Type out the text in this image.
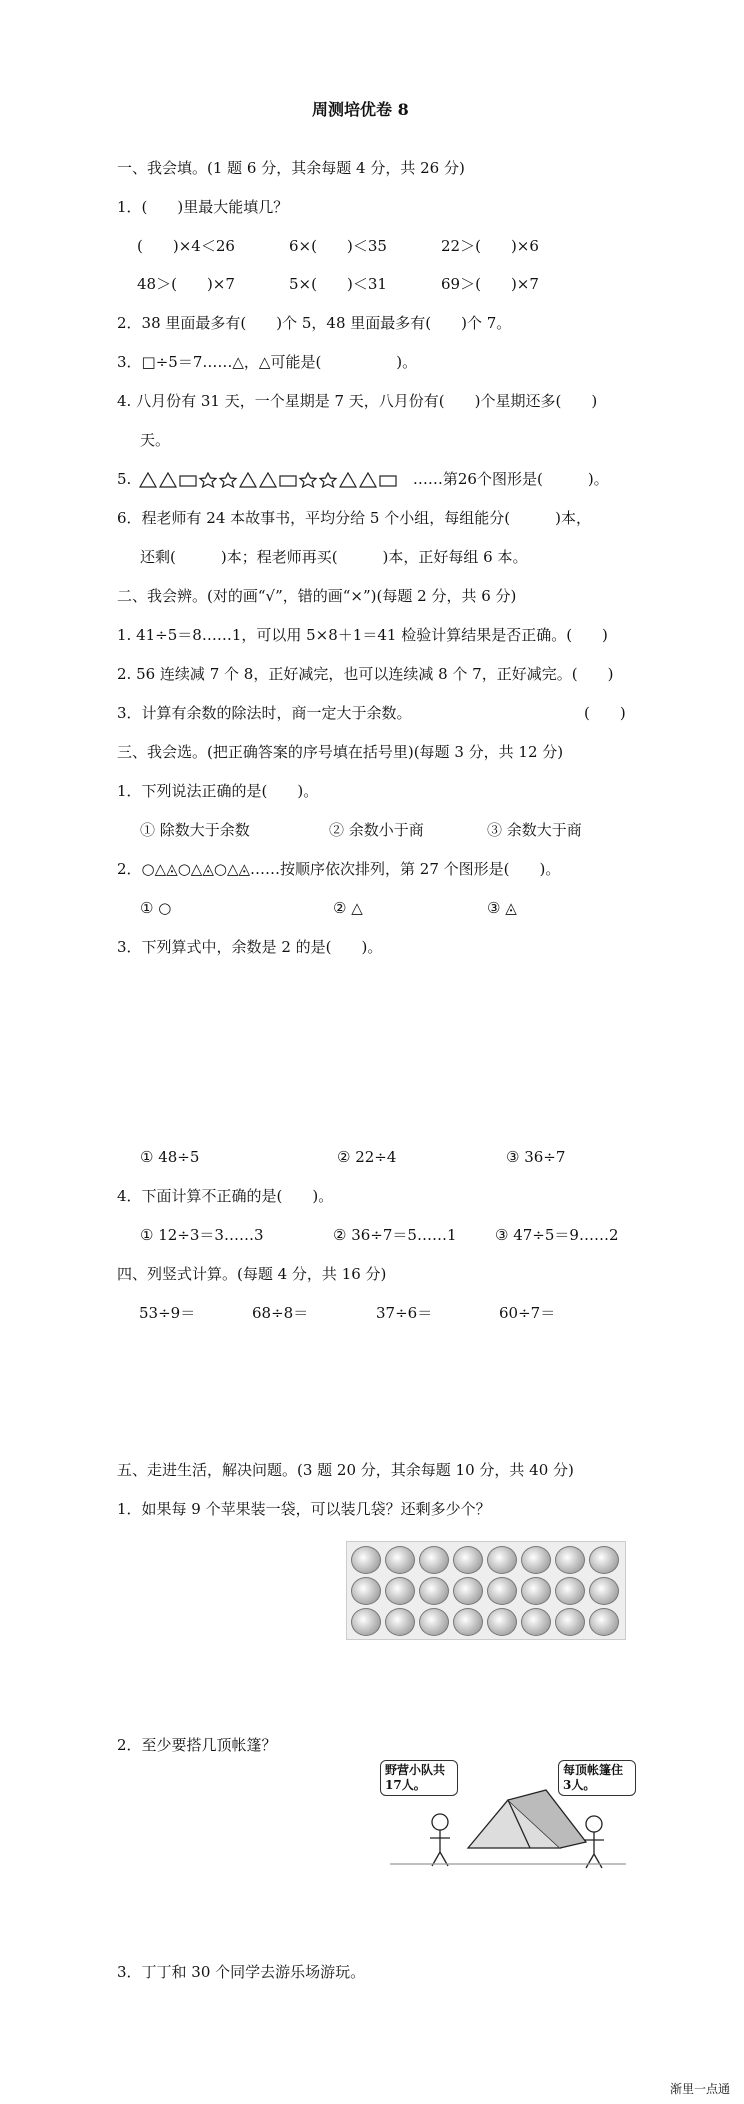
周测培优卷 8
一、我会填。(1 题 6 分，其余每题 4 分，共 26 分)
1．(　　)里最大能填几？
(　　)×4＜26	6×(　　)＜35	22＞(　　)×6
48＞(　　)×7	5×(　　)＜31	69＞(　　)×7
2．38 里面最多有(　　)个 5，48 里面最多有(　　)个 7。
3．□÷5＝7……△，△可能是(　　　　　)。
4. 八月份有 31 天，一个星期是 7 天，八月份有(　　)个星期还多(　　)
天。
5.	……第26个图形是(　　　)。
6．程老师有 24 本故事书，平均分给 5 个小组，每组能分(　　　)本，
还剩(　　　)本；程老师再买(　　　)本，正好每组 6 本。
二、我会辨。(对的画“√”，错的画“×”)(每题 2 分，共 6 分)
1. 41÷5＝8……1，可以用 5×8＋1＝41 检验计算结果是否正确。(　　)
2. 56 连续减 7 个 8，正好减完，也可以连续减 8 个 7，正好减完。(　　)
3．计算有余数的除法时，商一定大于余数。	(　　)
三、我会选。(把正确答案的序号填在括号里)(每题 3 分，共 12 分)
1．下列说法正确的是(　　)。
① 除数大于余数	② 余数小于商	③ 余数大于商
2．○△◬○△◬○△◬……按顺序依次排列，第 27 个图形是(　　)。
① ○	② △	③ ◬
3．下列算式中，余数是 2 的是(　　)。
① 48÷5	② 22÷4	③ 36÷7
4．下面计算不正确的是(　　)。
① 12÷3＝3……3	② 36÷7＝5……1	③ 47÷5＝9……2
四、列竖式计算。(每题 4 分，共 16 分)
53÷9＝	68÷8＝	37÷6＝	60÷7＝
五、走进生活，解决问题。(3 题 20 分，其余每题 10 分，共 40 分)
1．如果每 9 个苹果装一袋，可以装几袋？还剩多少个？
2．至少要搭几顶帐篷？
野营小队共17人。
每顶帐篷住3人。
3．丁丁和 30 个同学去游乐场游玩。
渐里一点通
